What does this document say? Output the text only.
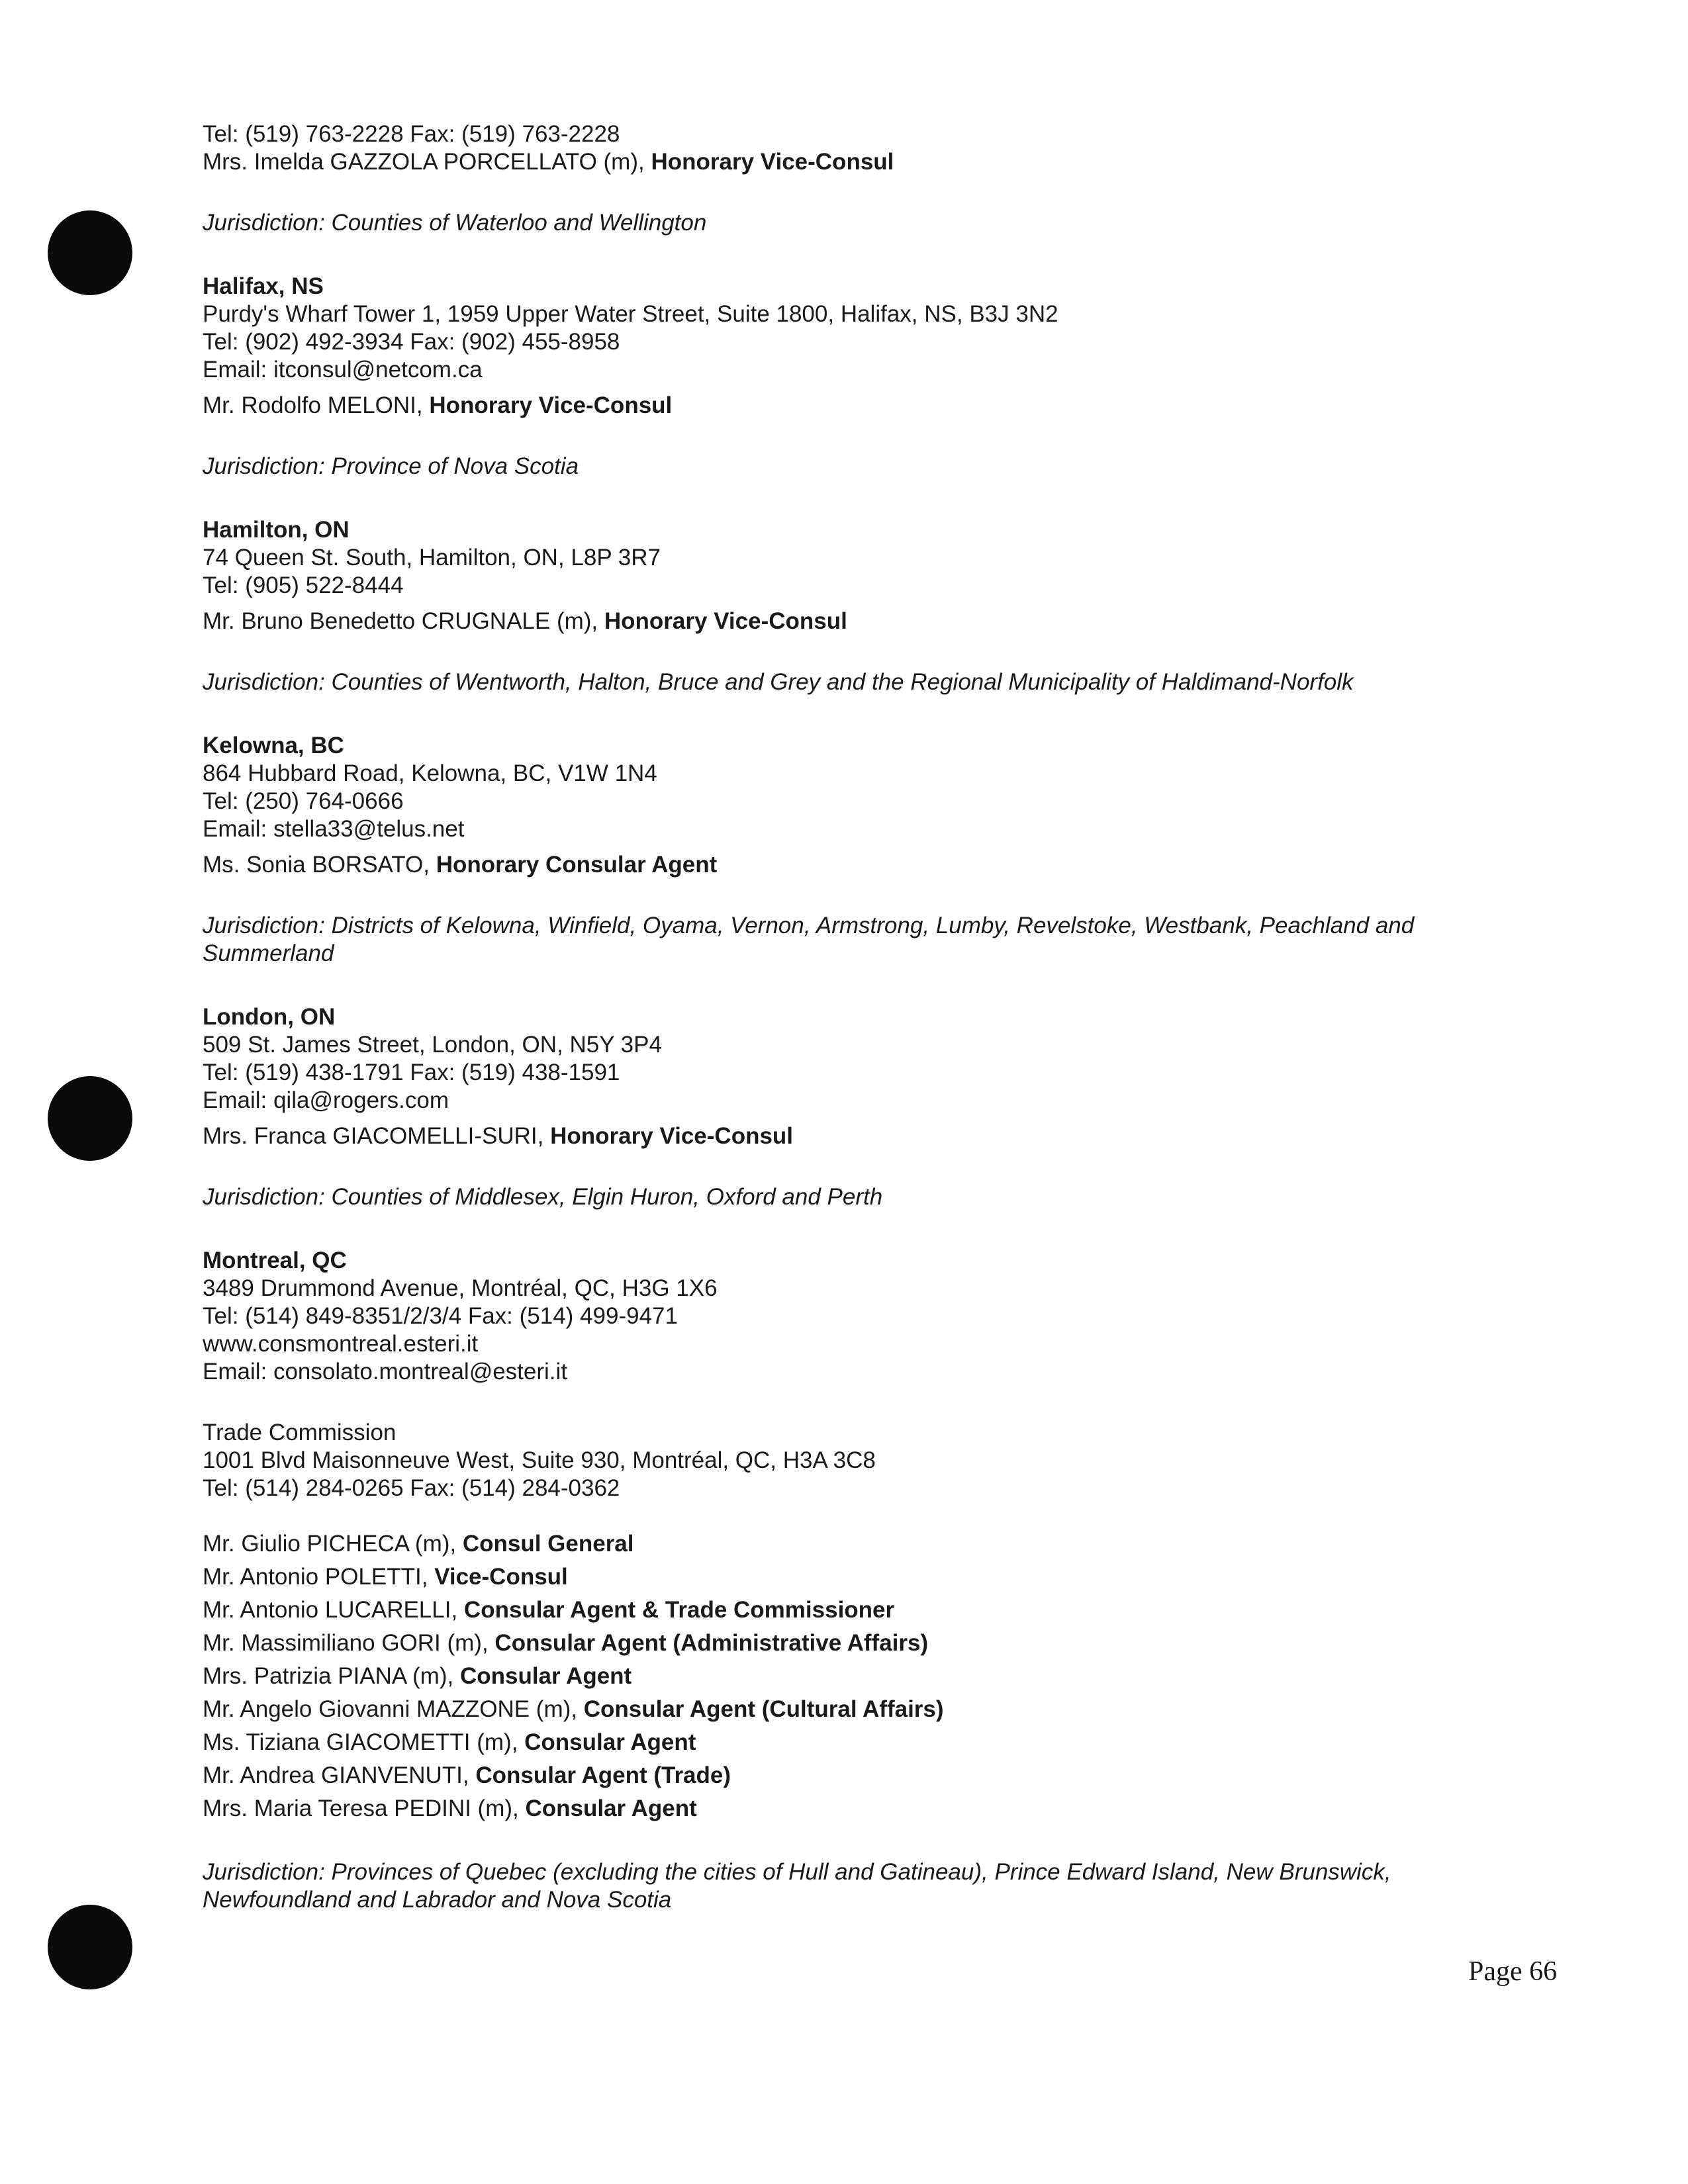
Tel: (519) 763-2228 Fax: (519) 763-2228
Mrs. Imelda GAZZOLA PORCELLATO (m), Honorary Vice-Consul
Jurisdiction: Counties of Waterloo and Wellington
Halifax, NS
Purdy's Wharf Tower 1, 1959 Upper Water Street, Suite 1800, Halifax, NS, B3J 3N2
Tel: (902) 492-3934 Fax: (902) 455-8958
Email: itconsul@netcom.ca
Mr. Rodolfo MELONI, Honorary Vice-Consul
Jurisdiction: Province of Nova Scotia
Hamilton, ON
74 Queen St. South, Hamilton, ON, L8P 3R7
Tel: (905) 522-8444
Mr. Bruno Benedetto CRUGNALE (m), Honorary Vice-Consul
Jurisdiction: Counties of Wentworth, Halton, Bruce and Grey and the Regional Municipality of Haldimand-Norfolk
Kelowna, BC
864 Hubbard Road, Kelowna, BC, V1W 1N4
Tel: (250) 764-0666
Email: stella33@telus.net
Ms. Sonia BORSATO, Honorary Consular Agent
Jurisdiction: Districts of Kelowna, Winfield, Oyama, Vernon, Armstrong, Lumby, Revelstoke, Westbank, Peachland and Summerland
London, ON
509 St. James Street, London, ON, N5Y 3P4
Tel: (519) 438-1791 Fax: (519) 438-1591
Email: qila@rogers.com
Mrs. Franca GIACOMELLI-SURI, Honorary Vice-Consul
Jurisdiction: Counties of Middlesex, Elgin Huron, Oxford and Perth
Montreal, QC
3489 Drummond Avenue, Montréal, QC, H3G 1X6
Tel: (514) 849-8351/2/3/4 Fax: (514) 499-9471
www.consmontreal.esteri.it
Email: consolato.montreal@esteri.it
Trade Commission
1001 Blvd Maisonneuve West, Suite 930, Montréal, QC, H3A 3C8
Tel: (514) 284-0265 Fax: (514) 284-0362
Mr. Giulio PICHECA (m), Consul General
Mr. Antonio POLETTI, Vice-Consul
Mr. Antonio LUCARELLI, Consular Agent & Trade Commissioner
Mr. Massimiliano GORI (m), Consular Agent (Administrative Affairs)
Mrs. Patrizia PIANA (m), Consular Agent
Mr. Angelo Giovanni MAZZONE (m), Consular Agent (Cultural Affairs)
Ms. Tiziana GIACOMETTI (m), Consular Agent
Mr. Andrea GIANVENUTI, Consular Agent (Trade)
Mrs. Maria Teresa PEDINI (m), Consular Agent
Jurisdiction: Provinces of Quebec (excluding the cities of Hull and Gatineau), Prince Edward Island, New Brunswick, Newfoundland and Labrador and Nova Scotia
Page 66
